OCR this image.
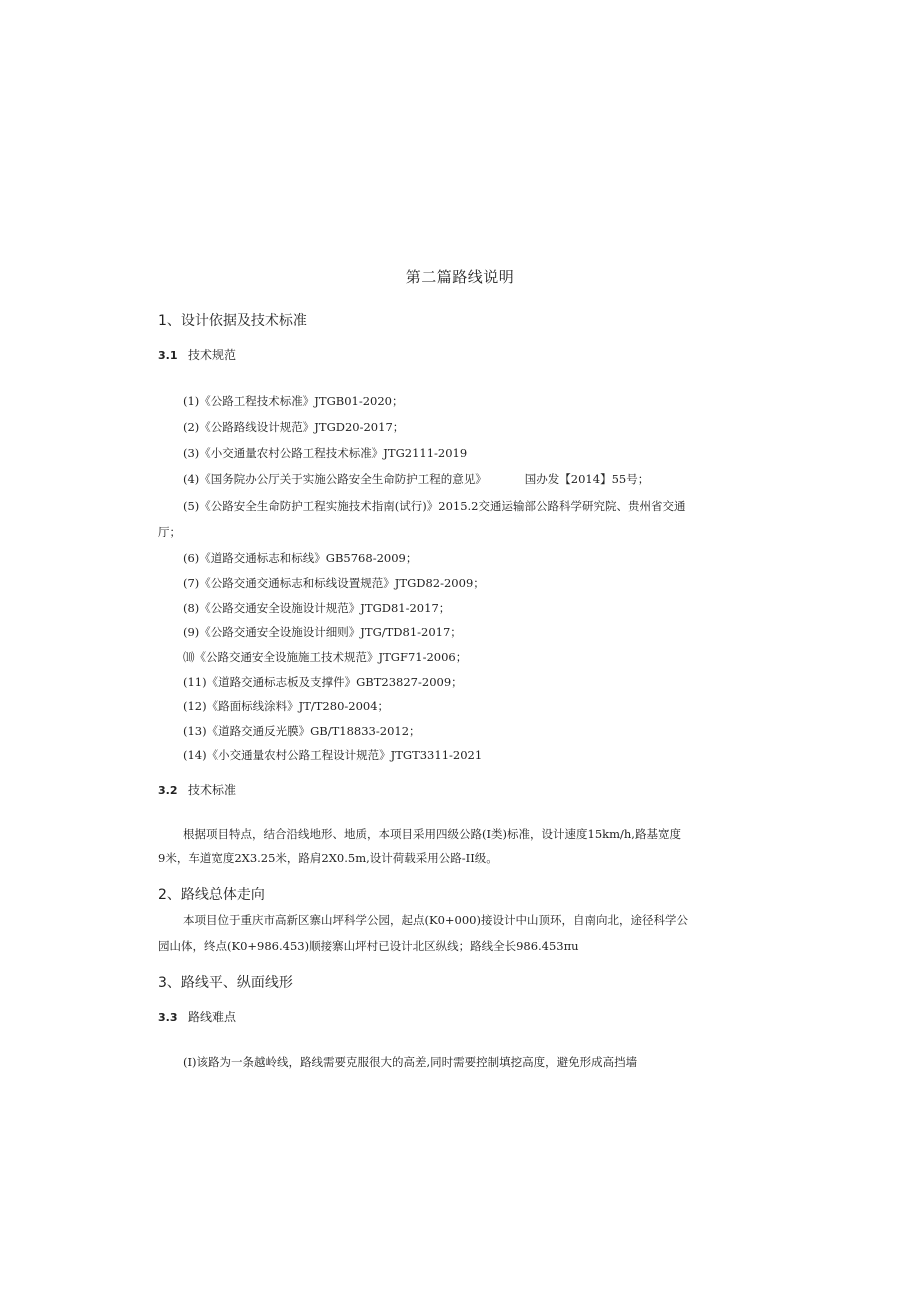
第二篇路线说明
1、设计依据及技术标准
3.1 技术规范
(1)《公路工程技术标准》JTGB01-2020；
(2)《公路路线设计规范》JTGD20-2017；
(3)《小交通量农村公路工程技术标准》JTG2111-2019
(4)《国务院办公厅关于实施公路安全生命防护工程的意见》	国办发【2014】55号；
(5)《公路安全生命防护工程实施技术指南(试行)》2015.2交通运输部公路科学研究院、贵州省交通
厅；
(6)《道路交通标志和标线》GB5768-2009；
(7)《公路交通交通标志和标线设置规范》JTGD82-2009；
(8)《公路交通安全设施设计规范》JTGD81-2017；
(9)《公路交通安全设施设计细则》JTG/TD81-2017；
⑽《公路交通安全设施施工技术规范》JTGF71-2006；
(11)《道路交通标志板及支撑件》GBT23827-2009；
(12)《路面标线涂料》JT/T280-2004；
(13)《道路交通反光膜》GB/T18833-2012；
(14)《小交通量农村公路工程设计规范》JTGT3311-2021
3.2 技术标准
根据项目特点，结合沿线地形、地质，本项目采用四级公路(I类)标准，设计速度15km/h,路基宽度
9米，车道宽度2X3.25米，路肩2X0.5m,设计荷载采用公路-II级。
2、路线总体走向
本项目位于重庆市高新区寨山坪科学公园，起点(K0+000)接设计中山顶环，自南向北，途径科学公
园山体，终点(K0+986.453)顺接寨山坪村已设计北区纵线；路线全长986.453πu
3、路线平、纵面线形
3.3 路线难点
(I)该路为一条越岭线，路线需要克服很大的高差,同时需要控制填挖高度，避免形成高挡墙
